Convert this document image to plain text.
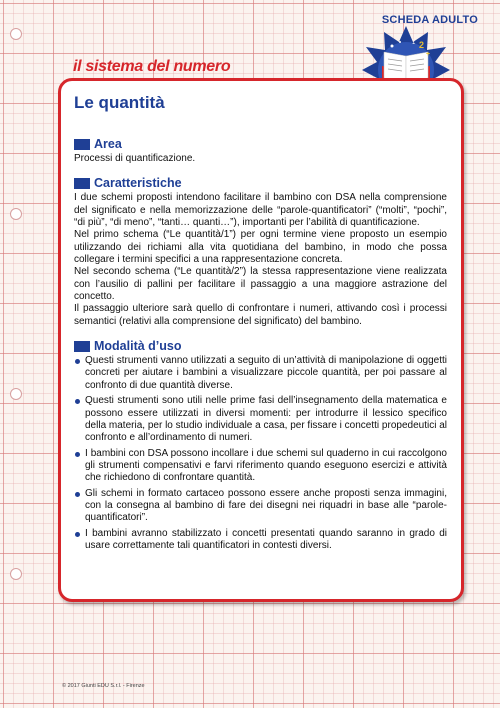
SCHEDA ADULTO
2
+
1
il sistema del numero
Le quantità
Area

Processi di quantificazione.

Caratteristiche

I due schemi proposti intendono facilitare il bambino con DSA nella comprensione del significato e nella memorizzazione delle “parole-quantificatori” (“molti”, “pochi”, “di più”, “di meno”, “tanti… quanti…”), importanti per l’abilità di quantificazione.

Nel primo schema (“Le quantità/1”) per ogni termine viene proposto un esempio utilizzando dei richiami alla vita quotidiana del bambino, in modo che possa collegare i termini specifici a una rappresentazione concreta.

Nel secondo schema (“Le quantità/2”) la stessa rappresentazione viene realizzata con l’ausilio di pallini per facilitare il passaggio a una maggiore astrazione del concetto.

Il passaggio ulteriore sarà quello di confrontare i numeri, attivando così i processi semantici (relativi alla comprensione del significato) del bambino.

Modalità d’uso
Questi strumenti vanno utilizzati a seguito di un’attività di manipolazione di oggetti concreti per aiutare i bambini a visualizzare piccole quantità, per poi passare al confronto di due quantità diverse.
Questi strumenti sono utili nelle prime fasi dell’insegnamento della matematica e possono essere utilizzati in diversi momenti: per introdurre il lessico specifico della materia, per lo studio individuale a casa, per fissare i concetti propedeutici al confronto e all’ordinamento di numeri.
I bambini con DSA possono incollare i due schemi sul quaderno in cui raccolgono gli strumenti compensativi e farvi riferimento quando eseguono esercizi e attività che richiedono di confrontare quantità.
Gli schemi in formato cartaceo possono essere anche proposti senza immagini, con la consegna al bambino di fare dei disegni nei riquadri in base alle “parole-quantificatori”.
I bambini avranno stabilizzato i concetti presentati quando saranno in grado di usare correttamente tali quantificatori in contesti diversi.
© 2017 Giunti EDU S.r.l. - Firenze
